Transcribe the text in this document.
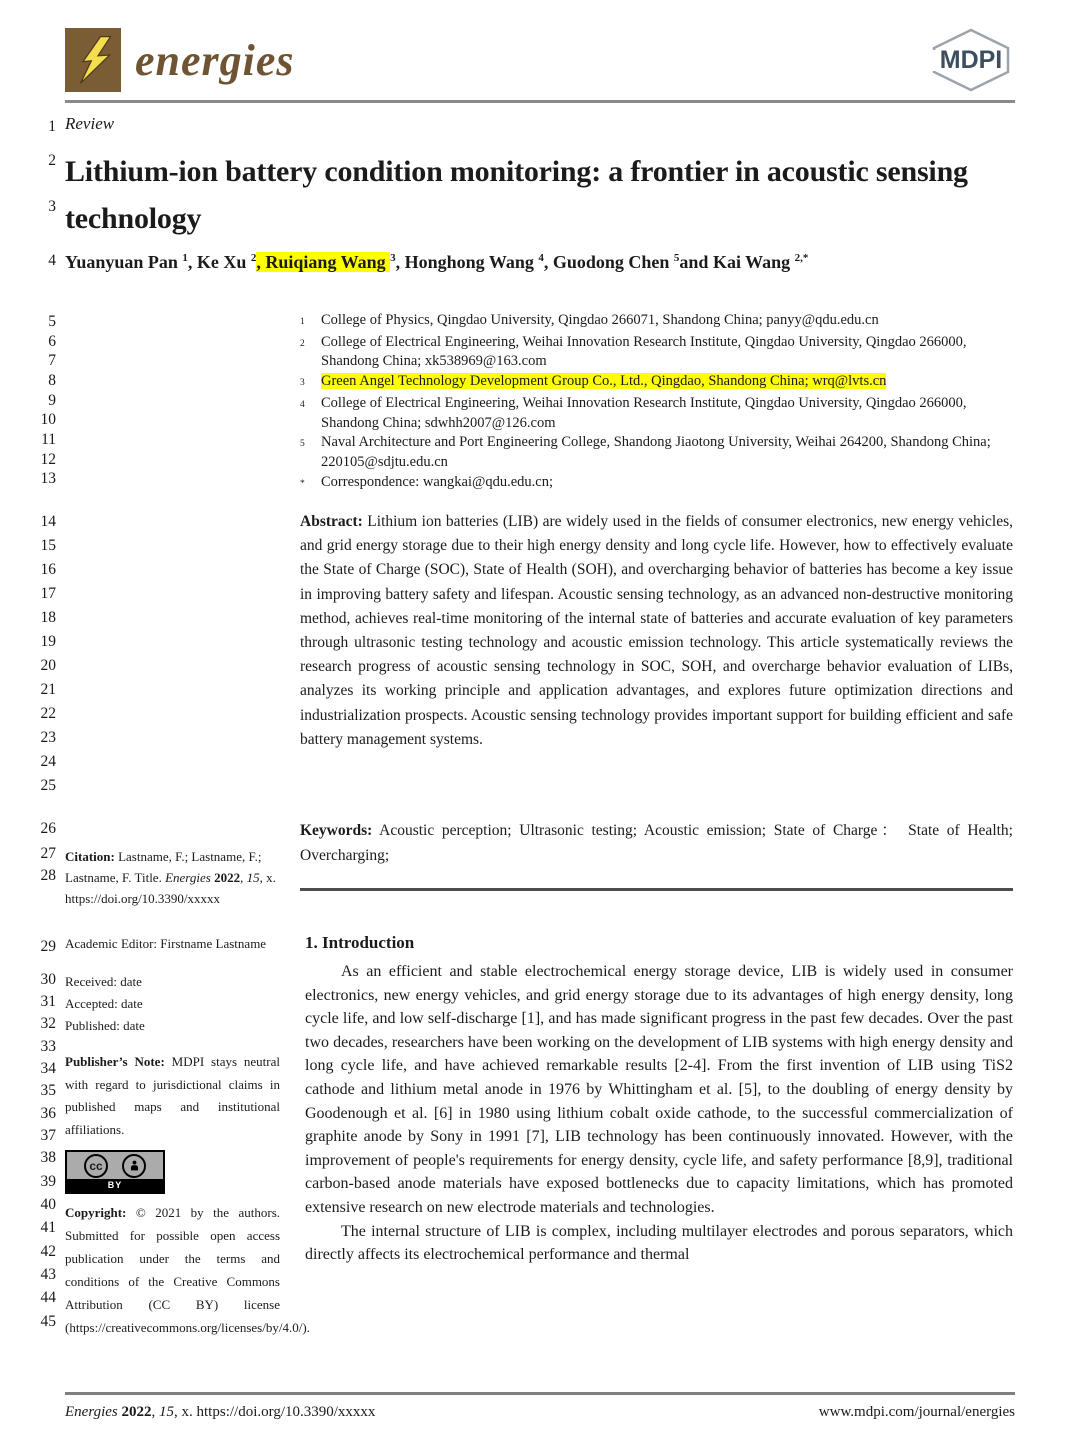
energies	MDPI
1
2
3
4
5
6
7
8
9
10
11
12
13
14
15
16
17
18
19
20
21
22
23
24
25
26
27
28
29
30
31
32
33
34
35
36
37
38
39
40
41
42
43
44
45
Review
Lithium-ion battery condition monitoring: a frontier in acoustic sensing technology
Yuanyuan Pan $^1$, Ke Xu $^2$, Ruiqiang Wang $^3$, Honghong Wang $^4$, Guodong Chen $^5$and Kai Wang $^{2,*}$
1	College of Physics, Qingdao University, Qingdao 266071, Shandong China; panyy@qdu.edu.cn
2	College of Electrical Engineering, Weihai Innovation Research Institute, Qingdao University, Qingdao 266000, Shandong China; xk538969@163.com
3	Green Angel Technology Development Group Co., Ltd., Qingdao, Shandong China; wrq@lvts.cn
4	College of Electrical Engineering, Weihai Innovation Research Institute, Qingdao University, Qingdao 266000, Shandong China; sdwhh2007@126.com
5	Naval Architecture and Port Engineering College, Shandong Jiaotong University, Weihai 264200, Shandong China; 220105@sdjtu.edu.cn
*	Correspondence: wangkai@qdu.edu.cn;
Abstract: Lithium ion batteries (LIB) are widely used in the fields of consumer electronics, new energy vehicles, and grid energy storage due to their high energy density and long cycle life. However, how to effectively evaluate the State of Charge (SOC), State of Health (SOH), and overcharging behavior of batteries has become a key issue in improving battery safety and lifespan. Acoustic sensing technology, as an advanced non-destructive monitoring method, achieves real-time monitoring of the internal state of batteries and accurate evaluation of key parameters through ultrasonic testing technology and acoustic emission technology. This article systematically reviews the research progress of acoustic sensing technology in SOC, SOH, and overcharge behavior evaluation of LIBs, analyzes its working principle and application advantages, and explores future optimization directions and industrialization prospects. Acoustic sensing technology provides important support for building efficient and safe battery management systems.
Keywords: Acoustic perception; Ultrasonic testing; Acoustic emission; State of Charge： State of Health; Overcharging;
Citation: Lastname, F.; Lastname, F.; Lastname, F. Title. Energies 2022, 15, x. https://doi.org/10.3390/xxxxx
Academic Editor: Firstname Lastname
Received: date
Accepted: date
Published: date
Publisher’s Note: MDPI stays neutral with regard to jurisdictional claims in published maps and institutional affiliations.
cc
BY
Copyright: © 2021 by the authors. Submitted for possible open access publication under the terms and conditions of the Creative Commons Attribution (CC BY) license (https://creativecommons.org/licenses/by/4.0/).
1. Introduction

As an efficient and stable electrochemical energy storage device, LIB is widely used in consumer electronics, new energy vehicles, and grid energy storage due to its advantages of high energy density, long cycle life, and low self-discharge [1], and has made significant progress in the past few decades. Over the past two decades, researchers have been working on the development of LIB systems with high energy density and long cycle life, and have achieved remarkable results [2-4]. From the first invention of LIB using TiS2 cathode and lithium metal anode in 1976 by Whittingham et al. [5], to the doubling of energy density by Goodenough et al. [6] in 1980 using lithium cobalt oxide cathode, to the successful commercialization of graphite anode by Sony in 1991 [7], LIB technology has been continuously innovated. However, with the improvement of people's requirements for energy density, cycle life, and safety performance [8,9], traditional carbon-based anode materials have exposed bottlenecks due to capacity limitations, which has promoted extensive research on new electrode materials and technologies.

The internal structure of LIB is complex, including multilayer electrodes and porous separators, which directly affects its electrochemical performance and thermal

Energies 2022, 15, x. https://doi.org/10.3390/xxxxx	www.mdpi.com/journal/energies
